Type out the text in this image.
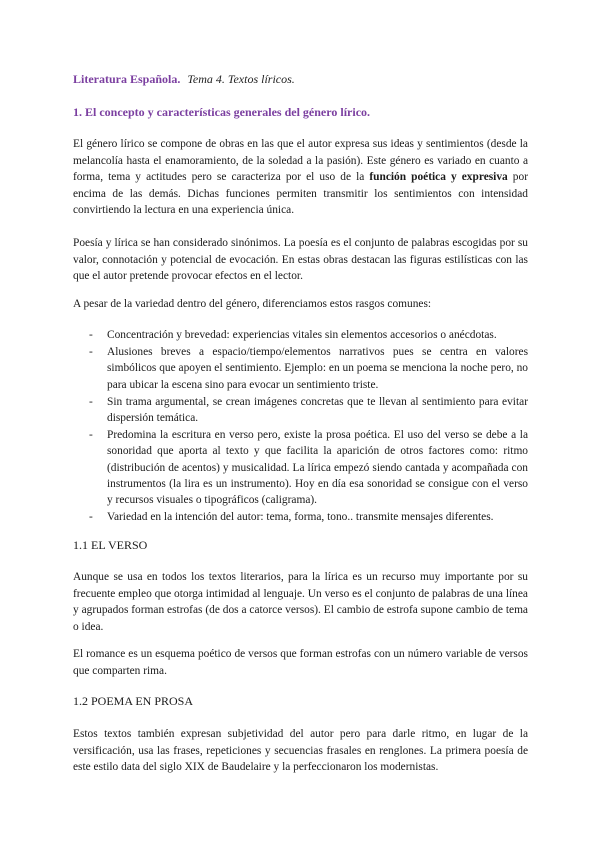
Literatura Española. Tema 4. Textos líricos.
1. El concepto y características generales del género lírico.
El género lírico se compone de obras en las que el autor expresa sus ideas y sentimientos (desde la melancolía hasta el enamoramiento, de la soledad a la pasión). Este género es variado en cuanto a forma, tema y actitudes pero se caracteriza por el uso de la función poética y expresiva por encima de las demás. Dichas funciones permiten transmitir los sentimientos con intensidad convirtiendo la lectura en una experiencia única.
Poesía y lírica se han considerado sinónimos. La poesía es el conjunto de palabras escogidas por su valor, connotación y potencial de evocación. En estas obras destacan las figuras estilísticas con las que el autor pretende provocar efectos en el lector.
A pesar de la variedad dentro del género, diferenciamos estos rasgos comunes:
- Concentración y brevedad: experiencias vitales sin elementos accesorios o anécdotas.
- Alusiones breves a espacio/tiempo/elementos narrativos pues se centra en valores simbólicos que apoyen el sentimiento. Ejemplo: en un poema se menciona la noche pero, no para ubicar la escena sino para evocar un sentimiento triste.
- Sin trama argumental, se crean imágenes concretas que te llevan al sentimiento para evitar dispersión temática.
- Predomina la escritura en verso pero, existe la prosa poética. El uso del verso se debe a la sonoridad que aporta al texto y que facilita la aparición de otros factores como: ritmo (distribución de acentos) y musicalidad. La lírica empezó siendo cantada y acompañada con instrumentos (la lira es un instrumento). Hoy en día esa sonoridad se consigue con el verso y recursos visuales o tipográficos (caligrama).
- Variedad en la intención del autor: tema, forma, tono.. transmite mensajes diferentes.
1.1 EL VERSO
Aunque se usa en todos los textos literarios, para la lírica es un recurso muy importante por su frecuente empleo que otorga intimidad al lenguaje. Un verso es el conjunto de palabras de una línea y agrupados forman estrofas (de dos a catorce versos). El cambio de estrofa supone cambio de tema o idea.
El romance es un esquema poético de versos que forman estrofas con un número variable de versos que comparten rima.
1.2 POEMA EN PROSA
Estos textos también expresan subjetividad del autor pero para darle ritmo, en lugar de la versificación, usa las frases, repeticiones y secuencias frasales en renglones. La primera poesía de este estilo data del siglo XIX de Baudelaire y la perfeccionaron los modernistas.
